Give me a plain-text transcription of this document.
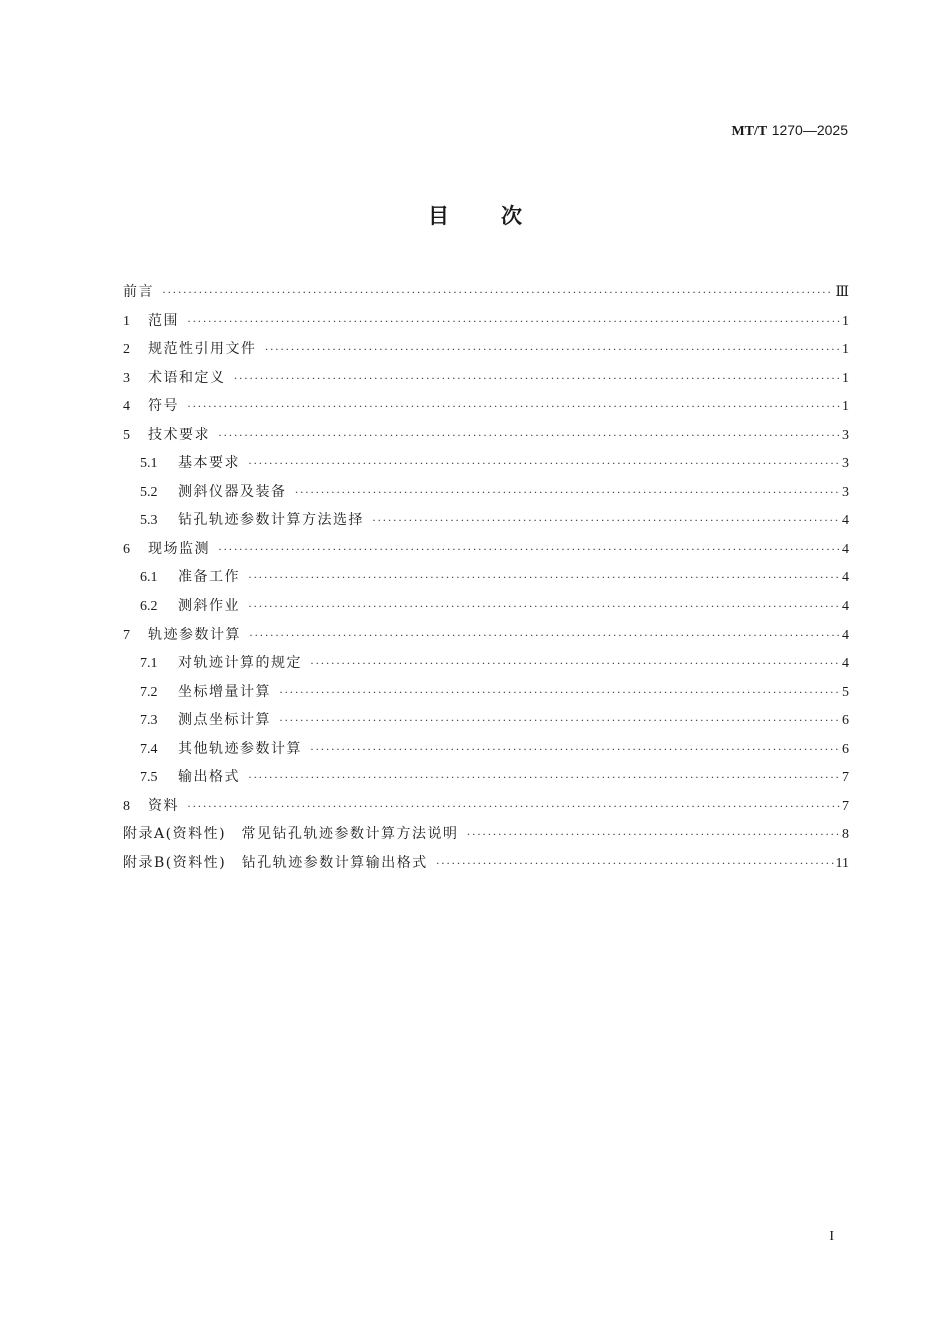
MT/T 1270—2025
目 次
前言 ·····	Ⅲ
1	范围 ·····	1
2	规范性引用文件 ·····	1
3	术语和定义 ·····	1
4	符号 ·····	1
5	技术要求 ·····	3
5.1	基本要求 ·····	3
5.2	测斜仪器及装备 ·····	3
5.3	钻孔轨迹参数计算方法选择 ·····	4
6	现场监测 ·····	4
6.1	准备工作 ·····	4
6.2	测斜作业 ·····	4
7	轨迹参数计算 ·····	4
7.1	对轨迹计算的规定 ·····	4
7.2	坐标增量计算 ·····	5
7.3	测点坐标计算 ·····	6
7.4	其他轨迹参数计算 ·····	6
7.5	输出格式 ·····	7
8	资料 ·····	7
附录A(资料性)　常见钻孔轨迹参数计算方法说明 ·····	8
附录B(资料性)　钻孔轨迹参数计算输出格式 ·····	11
I
